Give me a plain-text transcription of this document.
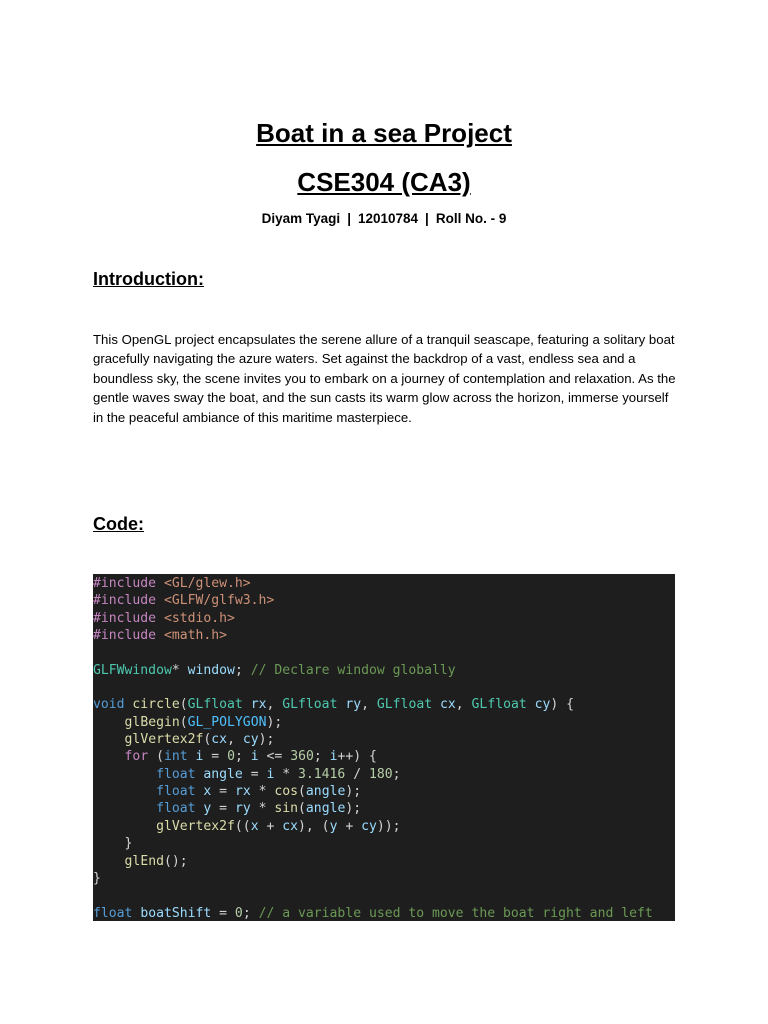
Boat in a sea Project
CSE304 (CA3)
Diyam Tyagi | 12010784 | Roll No. - 9
Introduction:

This OpenGL project encapsulates the serene allure of a tranquil seascape, featuring a solitary boat gracefully navigating the azure waters. Set against the backdrop of a vast, endless sea and a boundless sky, the scene invites you to embark on a journey of contemplation and relaxation. As the gentle waves sway the boat, and the sun casts its warm glow across the horizon, immerse yourself in the peaceful ambiance of this maritime masterpiece.

Code:
#include <GL/glew.h>
#include <GLFW/glfw3.h>
#include <stdio.h>
#include <math.h>

GLFWwindow* window; // Declare window globally

void circle(GLfloat rx, GLfloat ry, GLfloat cx, GLfloat cy) {
glBegin(GL_POLYGON);
glVertex2f(cx, cy);
for (int i = 0; i <= 360; i++) {
float angle = i * 3.1416 / 180;
float x = rx * cos(angle);
float y = ry * sin(angle);
glVertex2f((x + cx), (y + cy));
}
glEnd();
}

float boatShift = 0; // a variable used to move the boat right and left
